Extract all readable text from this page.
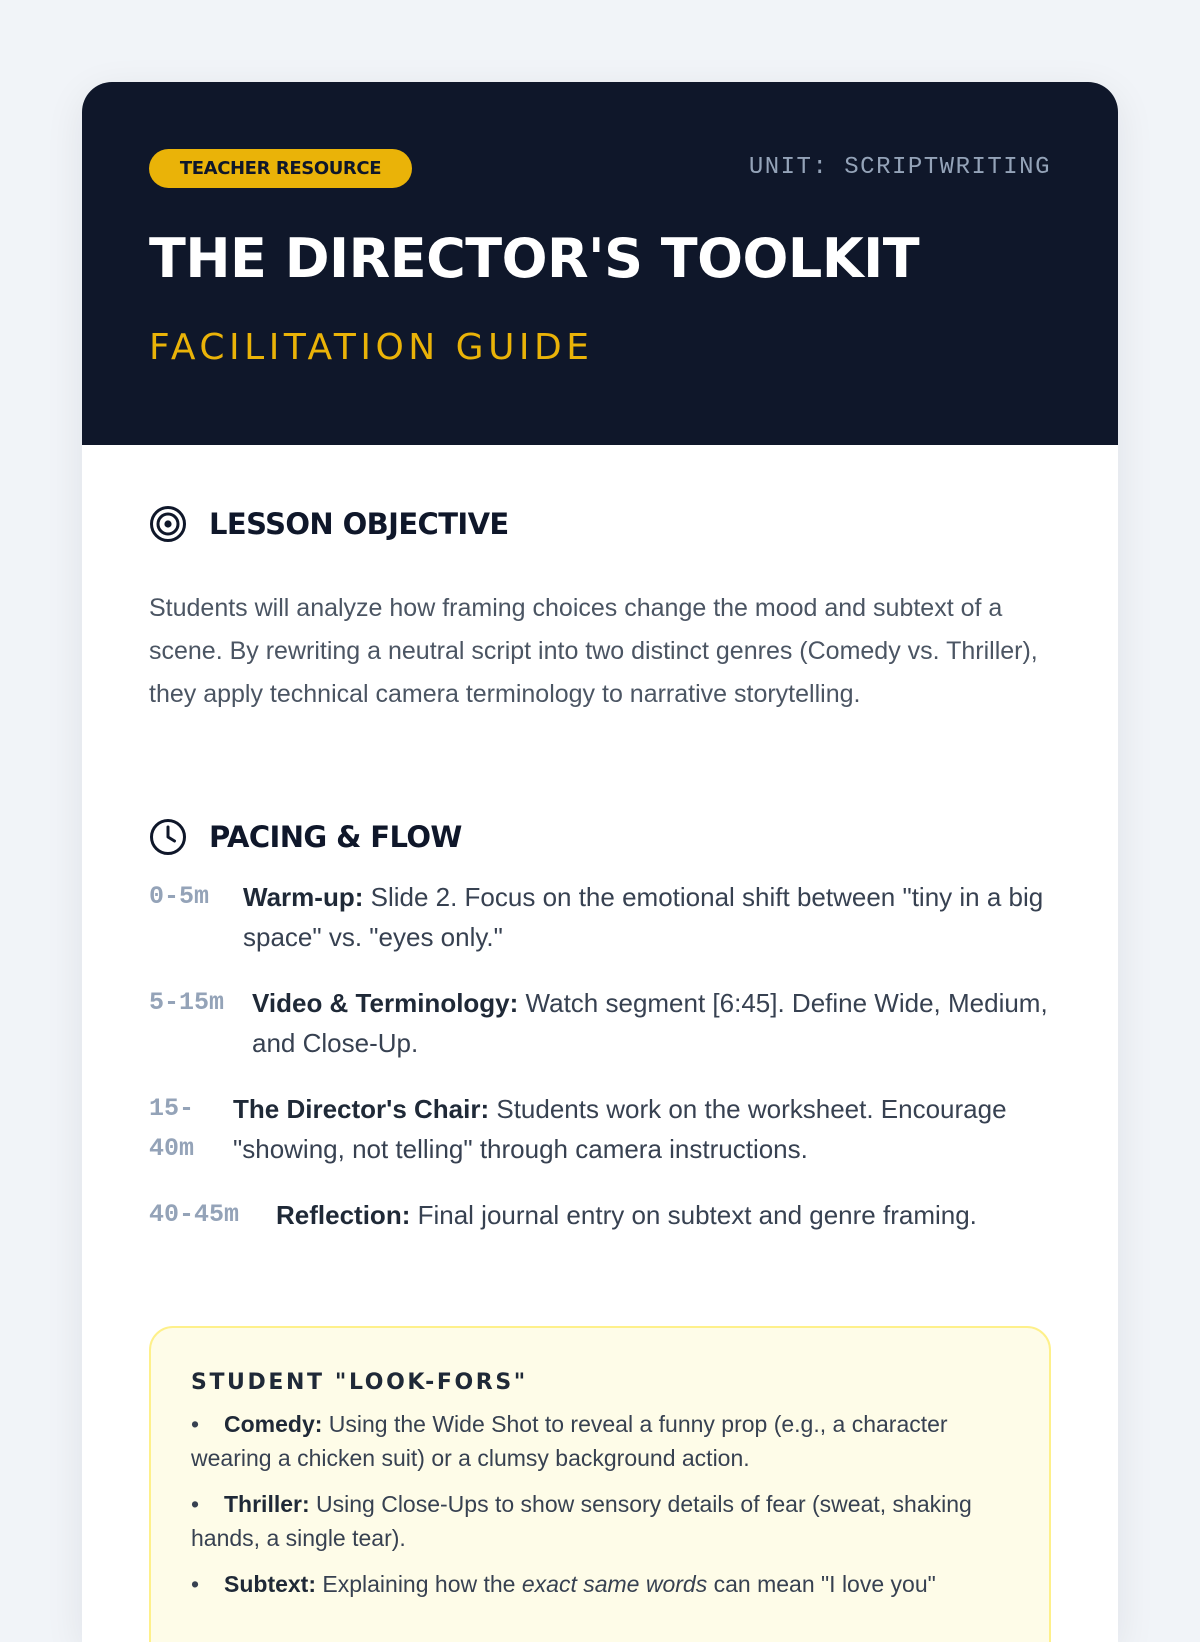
TEACHER RESOURCE	UNIT: SCRIPTWRITING
THE DIRECTOR'S TOOLKIT

FACILITATION GUIDE

LESSON OBJECTIVE

Students will analyze how framing choices change the mood and subtext of a scene. By rewriting a neutral script into two distinct genres (Comedy vs. Thriller), they apply technical camera terminology to narrative storytelling.

PACING & FLOW
0-5m Warm-up: Slide 2. Focus on the emotional shift between "tiny in a big space" vs. "eyes only."
5-15m Video & Terminology: Watch segment [6:45]. Define Wide, Medium, and Close-Up.
15-40m
The Director's Chair: Students work on the worksheet. Encourage "showing, not telling" through camera instructions.
40-45m Reflection: Final journal entry on subtext and genre framing.
STUDENT "LOOK-FORS"
• Comedy: Using the Wide Shot to reveal a funny prop (e.g., a character wearing a chicken suit) or a clumsy background action.
• Thriller: Using Close-Ups to show sensory details of fear (sweat, shaking hands, a single tear).
• Subtext: Explaining how the exact same words can mean "I love you"
